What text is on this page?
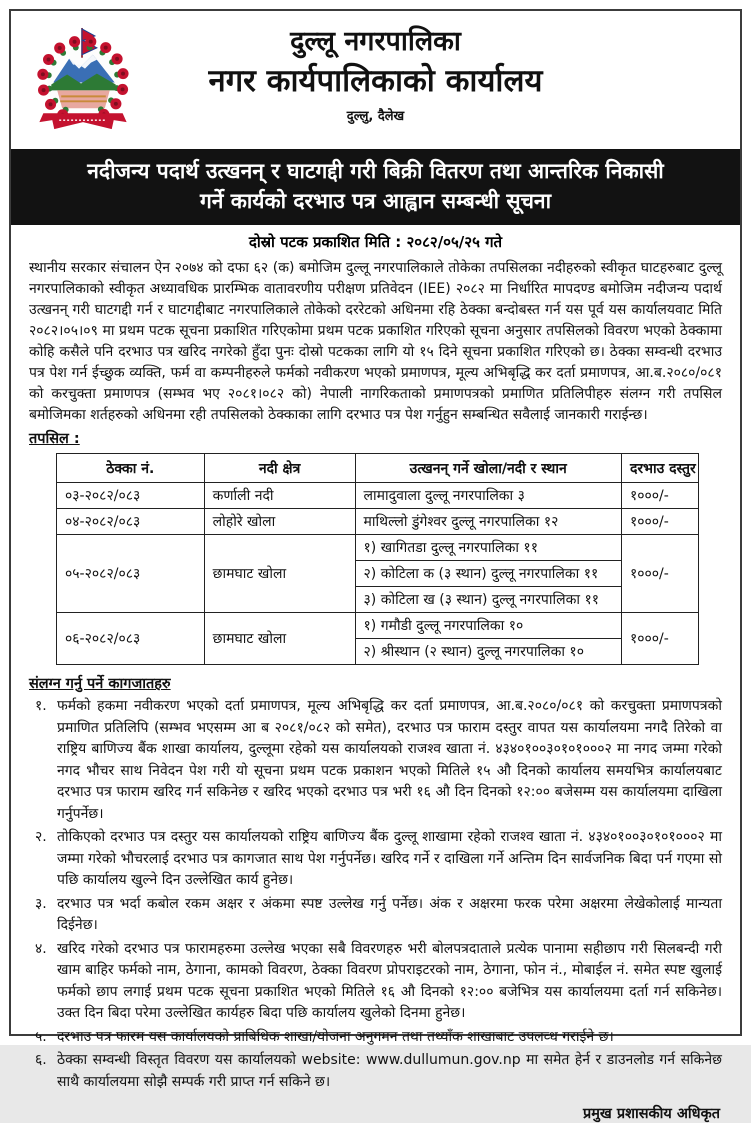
दुल्लू नगरपालिका
नगर कार्यपालिकाको कार्यालय
दुल्लु, दैलेख
नदीजन्य पदार्थ उत्खनन् र घाटगद्दी गरी बिक्री वितरण तथा आन्तरिक निकासी
गर्ने कार्यको दरभाउ पत्र आह्वान सम्बन्धी सूचना
दोस्रो पटक प्रकाशित मिति : २०८२/०५/२५ गते
स्थानीय सरकार संचालन ऐन २०७४ को दफा ६२ (क) बमोजिम दुल्लू नगरपालिकाले तोकेका तपसिलका नदीहरुको स्वीकृत घाटहरुबाट दुल्लू नगरपालिकाको स्वीकृत अध्यावधिक प्रारम्भिक वातावरणीय परीक्षण प्रतिवेदन (IEE) २०८२ मा निर्धारित मापदण्ड बमोजिम नदीजन्य पदार्थ उत्खनन् गरी घाटगद्दी गर्न र घाटगद्दीबाट नगरपालिकाले तोकेको दररेटको अधिनमा रहि ठेक्का बन्दोबस्त गर्न यस पूर्व यस कार्यालयवाट मिति २०८२।०५।०९ मा प्रथम पटक सूचना प्रकाशित गरिएकोमा प्रथम पटक प्रकाशित गरिएको सूचना अनुसार तपसिलको विवरण भएको ठेक्कामा कोहि कसैले पनि दरभाउ पत्र खरिद नगरेको हुँदा पुनः दोस्रो पटकका लागि यो १५ दिने सूचना प्रकाशित गरिएको छ। ठेक्का सम्वन्धी दरभाउ पत्र पेश गर्न ईच्छुक व्यक्ति, फर्म वा कम्पनीहरुले फर्मको नवीकरण भएको प्रमाणपत्र, मूल्य अभिबृद्धि कर दर्ता प्रमाणपत्र, आ.ब.२०८०/०८१ को करचुक्ता प्रमाणपत्र (सम्भव भए २०८१।०८२ को) नेपाली नागरिकताको प्रमाणपत्रको प्रमाणित प्रतिलिपीहरु संलग्न गरी तपसिल बमोजिमका शर्तहरुको अधिनमा रही तपसिलको ठेक्काका लागि दरभाउ पत्र पेश गर्नुहुन सम्बन्धित सवैलाई जानकारी गराईन्छ।
तपसिल :
ठेक्का नं.	नदी क्षेत्र	उत्खनन् गर्ने खोला/नदी र स्थान	दरभाउ दस्तुर
०३-२०८२/०८३	कर्णाली नदी	लामादुवाला दुल्लू नगरपालिका ३	१०००/-
०४-२०८२/०८३	लोहोरे खोला	माथिल्लो डुंगेश्वर दुल्लू नगरपालिका १२	१०००/-
०५-२०८२/०८३	छामघाट खोला	१) खागितडा दुल्लू नगरपालिका ११	१०००/-
		२) कोटिला क (३ स्थान) दुल्लू नगरपालिका ११	
		३) कोटिला ख (३ स्थान) दुल्लू नगरपालिका ११	
०६-२०८२/०८३	छामघाट खोला	१) गमौडी दुल्लू नगरपालिका १०	१०००/-
		२) श्रीस्थान (२ स्थान) दुल्लू नगरपालिका १०	
संलग्न गर्नु पर्ने कागजातहरु
१. फर्मको हकमा नवीकरण भएको दर्ता प्रमाणपत्र, मूल्य अभिबृद्धि कर दर्ता प्रमाणपत्र, आ.ब.२०८०/०८१ को करचुक्ता प्रमाणपत्रको प्रमाणित प्रतिलिपि (सम्भव भएसम्म आ ब २०८१/०८२ को समेत), दरभाउ पत्र फाराम दस्तुर वापत यस कार्यालयमा नगदै तिरेको वा राष्ट्रिय बाणिज्य बैंक शाखा कार्यालय, दुल्लूमा रहेको यस कार्यालयको राजश्व खाता नं. ४३४०१००३०१०१०००२ मा नगद जम्मा गरेको नगद भौचर साथ निवेदन पेश गरी यो सूचना प्रथम पटक प्रकाशन भएको मितिले १५ औ दिनको कार्यालय समयभित्र कार्यालयबाट दरभाउ पत्र फाराम खरिद गर्न सकिनेछ र खरिद भएको दरभाउ पत्र भरी १६ औ दिन दिनको १२:०० बजेसम्म यस कार्यालयमा दाखिला गर्नुपर्नेछ।
२. तोकिएको दरभाउ पत्र दस्तुर यस कार्यालयको राष्ट्रिय बाणिज्य बैंक दुल्लू शाखामा रहेको राजश्व खाता नं. ४३४०१००३०१०१०००२ मा जम्मा गरेको भौचरलाई दरभाउ पत्र कागजात साथ पेश गर्नुपर्नेछ। खरिद गर्ने र दाखिला गर्ने अन्तिम दिन सार्वजनिक बिदा पर्न गएमा सो पछि कार्यालय खुल्ने दिन उल्लेखित कार्य हुनेछ।
३. दरभाउ पत्र भर्दा कबोल रकम अक्षर र अंकमा स्पष्ट उल्लेख गर्नु पर्नेछ। अंक र अक्षरमा फरक परेमा अक्षरमा लेखेकोलाई मान्यता दिईनेछ।
४. खरिद गरेको दरभाउ पत्र फारामहरुमा उल्लेख भएका सबै विवरणहरु भरी बोलपत्रदाताले प्रत्येक पानामा सहीछाप गरी सिलबन्दी गरी खाम बाहिर फर्मको नाम, ठेगाना, कामको विवरण, ठेक्का विवरण प्रोपराइटरको नाम, ठेगाना, फोन नं., मोबाईल नं. समेत स्पष्ट खुलाई फर्मको छाप लगाई प्रथम पटक सूचना प्रकाशित भएको मितिले १६ औ दिनको १२:०० बजेभित्र यस कार्यालयमा दर्ता गर्न सकिनेछ। उक्त दिन बिदा परेमा उल्लेखित कार्यहरु बिदा पछि कार्यालय खुलेको दिनमा हुनेछ।
५. दरभाउ पत्र फारम यस कार्यालयको प्राबिधिक शाखा/योजना अनुगमन तथा तथ्याँक शाखाबाट उपलव्ध गराईने छ।
६. ठेक्का सम्वन्धी विस्तृत विवरण यस कार्यालयको website: www.dullumun.gov.np मा समेत हेर्न र डाउनलोड गर्न सकिनेछ साथै कार्यालयमा सोझै सम्पर्क गरी प्राप्त गर्न सकिने छ।
प्रमुख प्रशासकीय अधिकृत
